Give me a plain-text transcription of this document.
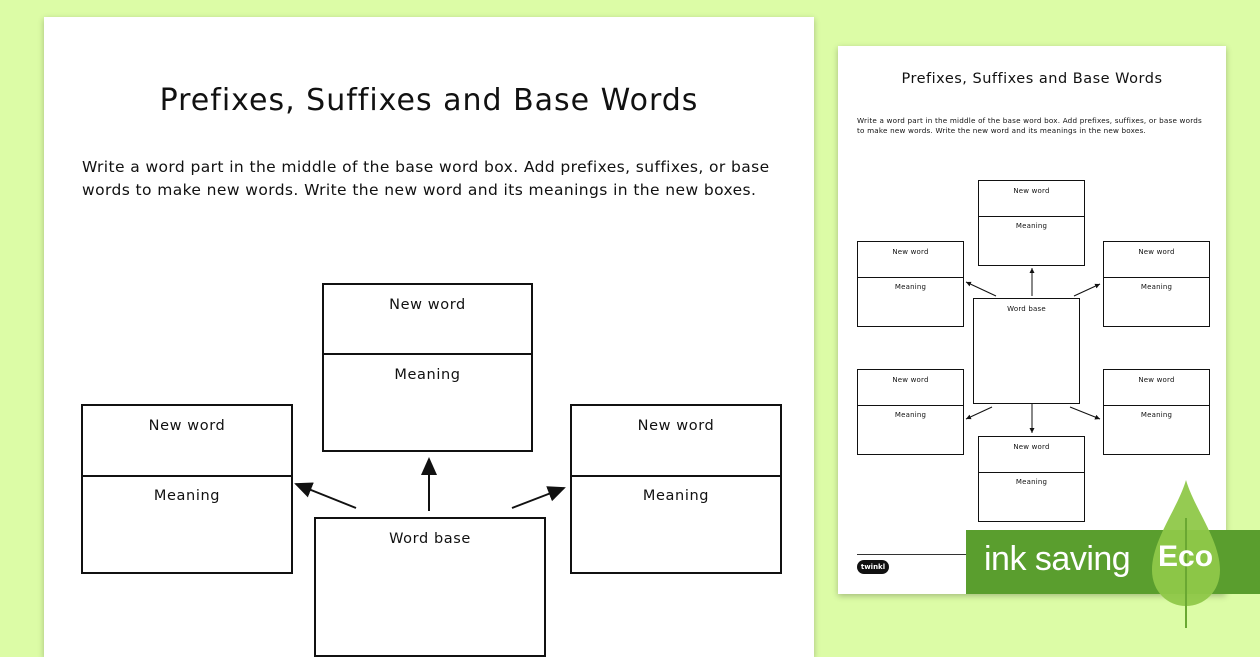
Prefixes, Suffixes and Base Words
Write a word part in the middle of the base word box. Add prefixes, suffixes, or base words to make new words. Write the new word and its meanings in the new boxes.
New word
Meaning
New word
Meaning
New word
Meaning
Word base
Prefixes, Suffixes and Base Words
Write a word part in the middle of the base word box. Add prefixes, suffixes, or base words to make new words. Write the new word and its meanings in the new boxes.
New word
Meaning
New word
Meaning
New word
Meaning
Word base
New word
Meaning
New word
Meaning
New word
Meaning
twinkl	ink saving Eco
